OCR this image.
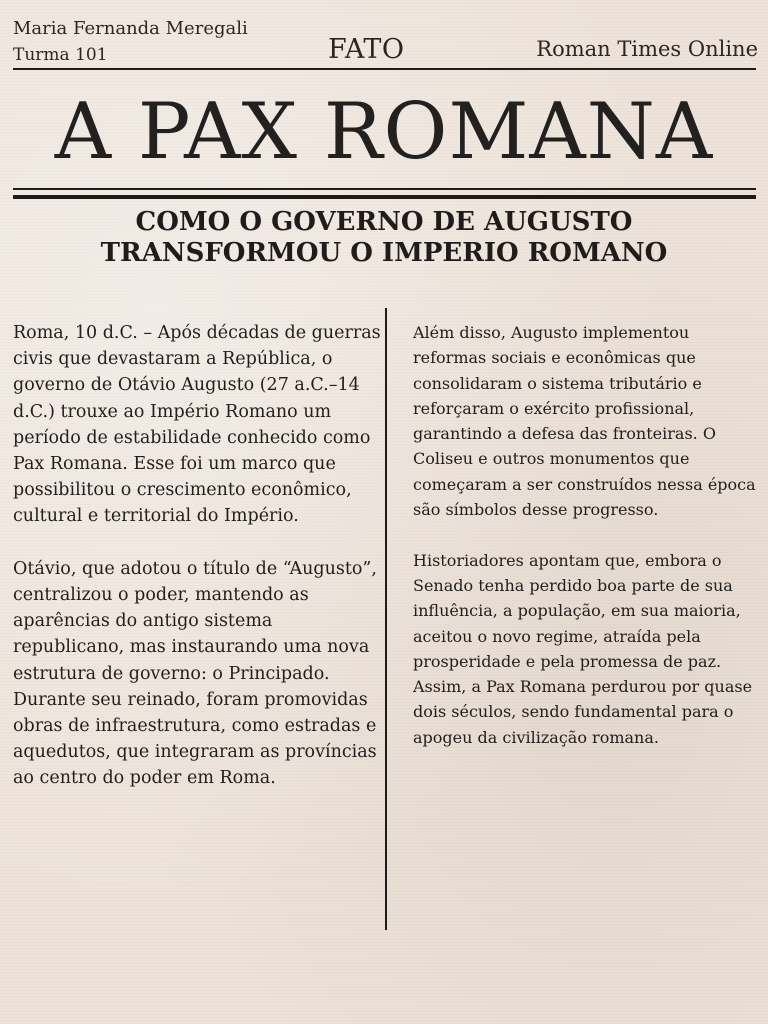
Maria Fernanda Meregali
Turma 101	FATO	Roman Times Online
A PAX ROMANA
COMO O GOVERNO DE AUGUSTO
TRANSFORMOU O IMPERIO ROMANO

Roma, 10 d.C. – Após décadas de guerras civis que devastaram a República, o governo de Otávio Augusto (27 a.C.–14 d.C.) trouxe ao Império Romano um período de estabilidade conhecido como Pax Romana. Esse foi um marco que possibilitou o crescimento econômico, cultural e territorial do Império.

Otávio, que adotou o título de “Augusto”, centralizou o poder, mantendo as aparências do antigo sistema republicano, mas instaurando uma nova estrutura de governo: o Principado. Durante seu reinado, foram promovidas obras de infraestrutura, como estradas e aquedutos, que integraram as províncias ao centro do poder em Roma.

Além disso, Augusto implementou reformas sociais e econômicas que consolidaram o sistema tributário e reforçaram o exército profissional, garantindo a defesa das fronteiras. O Coliseu e outros monumentos que começaram a ser construídos nessa época são símbolos desse progresso.

Historiadores apontam que, embora o Senado tenha perdido boa parte de sua influência, a população, em sua maioria, aceitou o novo regime, atraída pela prosperidade e pela promessa de paz. Assim, a Pax Romana perdurou por quase dois séculos, sendo fundamental para o apogeu da civilização romana.
